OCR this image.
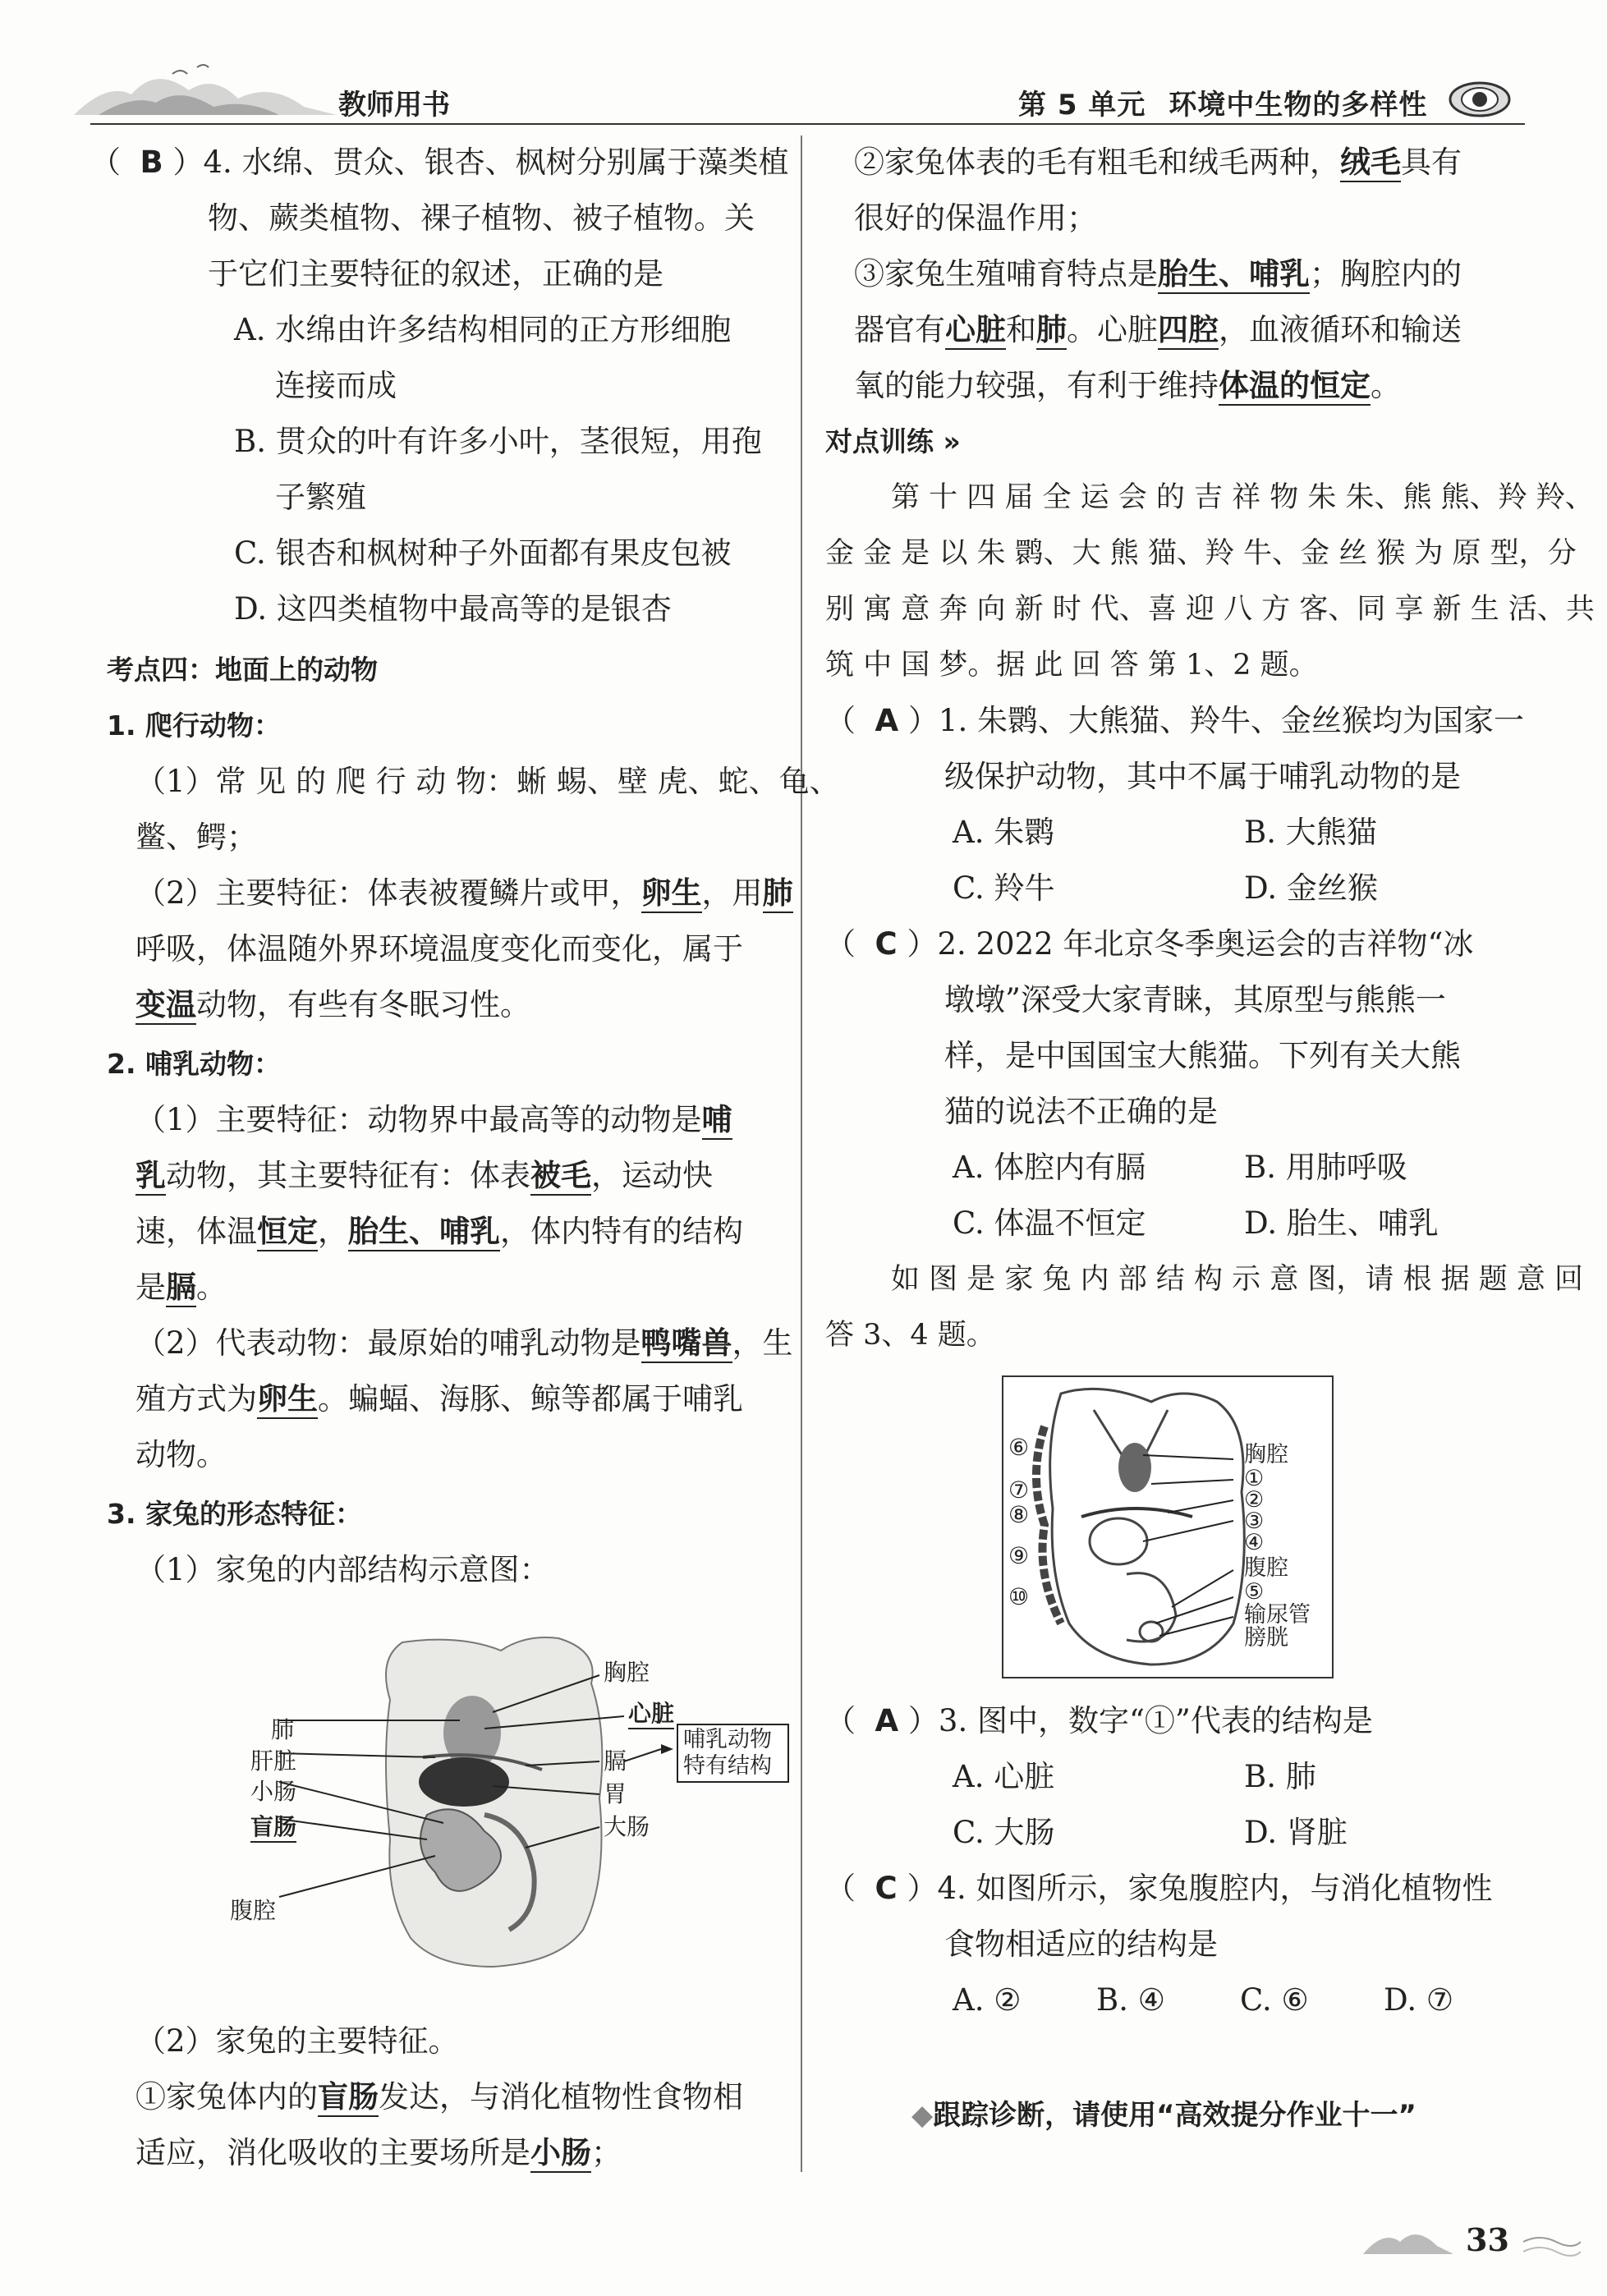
教师用书	第 5 单元 环境中生物的多样性
（ B ）4. 水绵、贯众、银杏、枫树分别属于藻类植
物、蕨类植物、裸子植物、被子植物。关
于它们主要特征的叙述，正确的是
A. 水绵由许多结构相同的正方形细胞
连接而成
B. 贯众的叶有许多小叶，茎很短，用孢
子繁殖
C. 银杏和枫树种子外面都有果皮包被
D. 这四类植物中最高等的是银杏
考点四：地面上的动物
1. 爬行动物：
（1）常 见 的 爬 行 动 物：蜥 蜴、壁 虎、蛇、龟、
鳖、鳄；
（2）主要特征：体表被覆鳞片或甲，卵生，用肺
呼吸，体温随外界环境温度变化而变化，属于
变温动物，有些有冬眠习性。
2. 哺乳动物：
（1）主要特征：动物界中最高等的动物是哺
乳动物，其主要特征有：体表被毛，运动快
速，体温恒定，胎生、哺乳，体内特有的结构
是膈。
（2）代表动物：最原始的哺乳动物是鸭嘴兽，生
殖方式为卵生。蝙蝠、海豚、鲸等都属于哺乳
动物。
3. 家兔的形态特征：
（1）家兔的内部结构示意图：
肺
肝脏
小肠
盲肠
腹腔
胸腔
心脏
膈
胃
大肠
哺乳动物
特有结构
（2）家兔的主要特征。
①家兔体内的盲肠发达，与消化植物性食物相
适应，消化吸收的主要场所是小肠；
②家兔体表的毛有粗毛和绒毛两种，绒毛具有
很好的保温作用；
③家兔生殖哺育特点是胎生、哺乳；胸腔内的
器官有心脏和肺。心脏四腔，血液循环和输送
氧的能力较强，有利于维持体温的恒定。
对点训练 »
第 十 四 届 全 运 会 的 吉 祥 物 朱 朱、熊 熊、羚 羚、
金 金 是 以 朱 鹮、大 熊 猫、羚 牛、金 丝 猴 为 原 型，分
别 寓 意 奔 向 新 时 代、喜 迎 八 方 客、同 享 新 生 活、共
筑 中 国 梦。据 此 回 答 第 1、2 题。
（  A ）1. 朱鹮、大熊猫、羚牛、金丝猴均为国家一
级保护动物，其中不属于哺乳动物的是
A. 朱鹮	B. 大熊猫
C. 羚牛	D. 金丝猴
（  C ）2. 2022 年北京冬季奥运会的吉祥物“冰
墩墩”深受大家青睐，其原型与熊熊一
样，是中国国宝大熊猫。下列有关大熊
猫的说法不正确的是
A. 体腔内有膈	B. 用肺呼吸
C. 体温不恒定	D. 胎生、哺乳
如 图 是 家 兔 内 部 结 构 示 意 图，请 根 据 题 意 回
答 3、4 题。
胸腔
①
②
③
④
腹腔
⑤
输尿管
膀胱
⑥
⑦
⑧
⑨
⑩
（  A ）3. 图中，数字“①”代表的结构是
A. 心脏	B. 肺
C. 大肠	D. 肾脏
（  C ）4. 如图所示，家兔腹腔内，与消化植物性
食物相适应的结构是
A. ② B. ④ C. ⑥ D. ⑦
◆跟踪诊断，请使用“高效提分作业十一”
33
